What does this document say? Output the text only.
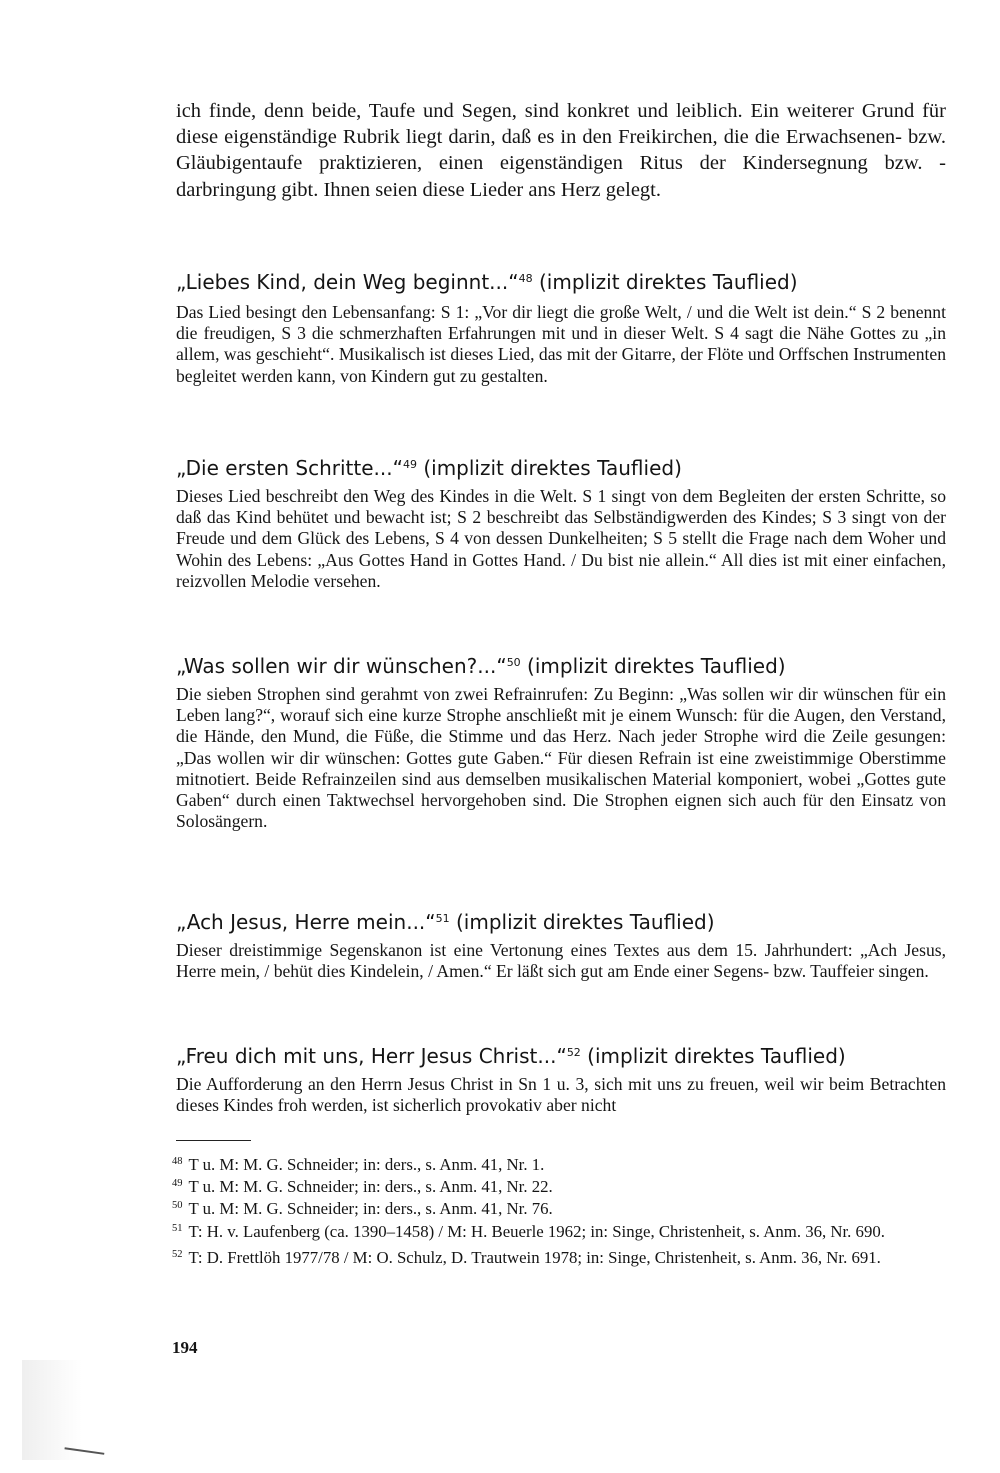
ich finde, denn beide, Taufe und Segen, sind konkret und leiblich. Ein weiterer Grund für diese eigenständige Rubrik liegt darin, daß es in den Freikirchen, die die Erwachsenen- bzw. Gläubigentaufe praktizieren, einen eigenständigen Ritus der Kindersegnung bzw. -darbringung gibt. Ihnen seien diese Lieder ans Herz gelegt.

„Liebes Kind, dein Weg beginnt...“$^{48}$ (implizit direktes Tauflied)

Das Lied besingt den Lebensanfang: S 1: „Vor dir liegt die große Welt, / und die Welt ist dein.“ S 2 benennt die freudigen, S 3 die schmerzhaften Erfahrungen mit und in dieser Welt. S 4 sagt die Nähe Gottes zu „in allem, was geschieht“. Musikalisch ist dieses Lied, das mit der Gitarre, der Flöte und Orffschen Instrumenten begleitet werden kann, von Kindern gut zu gestalten.

„Die ersten Schritte...“$^{49}$ (implizit direktes Tauflied)

Dieses Lied beschreibt den Weg des Kindes in die Welt. S 1 singt von dem Begleiten der ersten Schritte, so daß das Kind behütet und bewacht ist; S 2 beschreibt das Selbständigwerden des Kindes; S 3 singt von der Freude und dem Glück des Lebens, S 4 von dessen Dunkelheiten; S 5 stellt die Frage nach dem Woher und Wohin des Lebens: „Aus Gottes Hand in Gottes Hand. / Du bist nie allein.“ All dies ist mit einer einfachen, reizvollen Melodie versehen.

„Was sollen wir dir wünschen?...“$^{50}$ (implizit direktes Tauflied)

Die sieben Strophen sind gerahmt von zwei Refrainrufen: Zu Beginn: „Was sollen wir dir wünschen für ein Leben lang?“, worauf sich eine kurze Strophe anschließt mit je einem Wunsch: für die Augen, den Verstand, die Hände, den Mund, die Füße, die Stimme und das Herz. Nach jeder Strophe wird die Zeile gesungen: „Das wollen wir dir wünschen: Gottes gute Gaben.“ Für diesen Refrain ist eine zweistimmige Oberstimme mitnotiert. Beide Refrainzeilen sind aus demselben musikalischen Material komponiert, wobei „Gottes gute Gaben“ durch einen Taktwechsel hervorgehoben sind. Die Strophen eignen sich auch für den Einsatz von Solosängern.

„Ach Jesus, Herre mein...“$^{51}$ (implizit direktes Tauflied)

Dieser dreistimmige Segenskanon ist eine Vertonung eines Textes aus dem 15. Jahrhundert: „Ach Jesus, Herre mein, / behüt dies Kindelein, / Amen.“ Er läßt sich gut am Ende einer Segens- bzw. Tauffeier singen.

„Freu dich mit uns, Herr Jesus Christ...“$^{52}$ (implizit direktes Tauflied)

Die Aufforderung an den Herrn Jesus Christ in Sn 1 u. 3, sich mit uns zu freuen, weil wir beim Betrachten dieses Kindes froh werden, ist sicherlich provokativ aber nicht

$^{48}$ T u. M: M. G. Schneider; in: ders., s. Anm. 41, Nr. 1.

$^{49}$ T u. M: M. G. Schneider; in: ders., s. Anm. 41, Nr. 22.

$^{50}$ T u. M: M. G. Schneider; in: ders., s. Anm. 41, Nr. 76.

$^{51}$ T: H. v. Laufenberg (ca. 1390–1458) / M: H. Beuerle 1962; in: Singe, Christenheit, s. Anm. 36, Nr. 690.

$^{52}$ T: D. Frettlöh 1977/78 / M: O. Schulz, D. Trautwein 1978; in: Singe, Christenheit, s. Anm. 36, Nr. 691.

194
